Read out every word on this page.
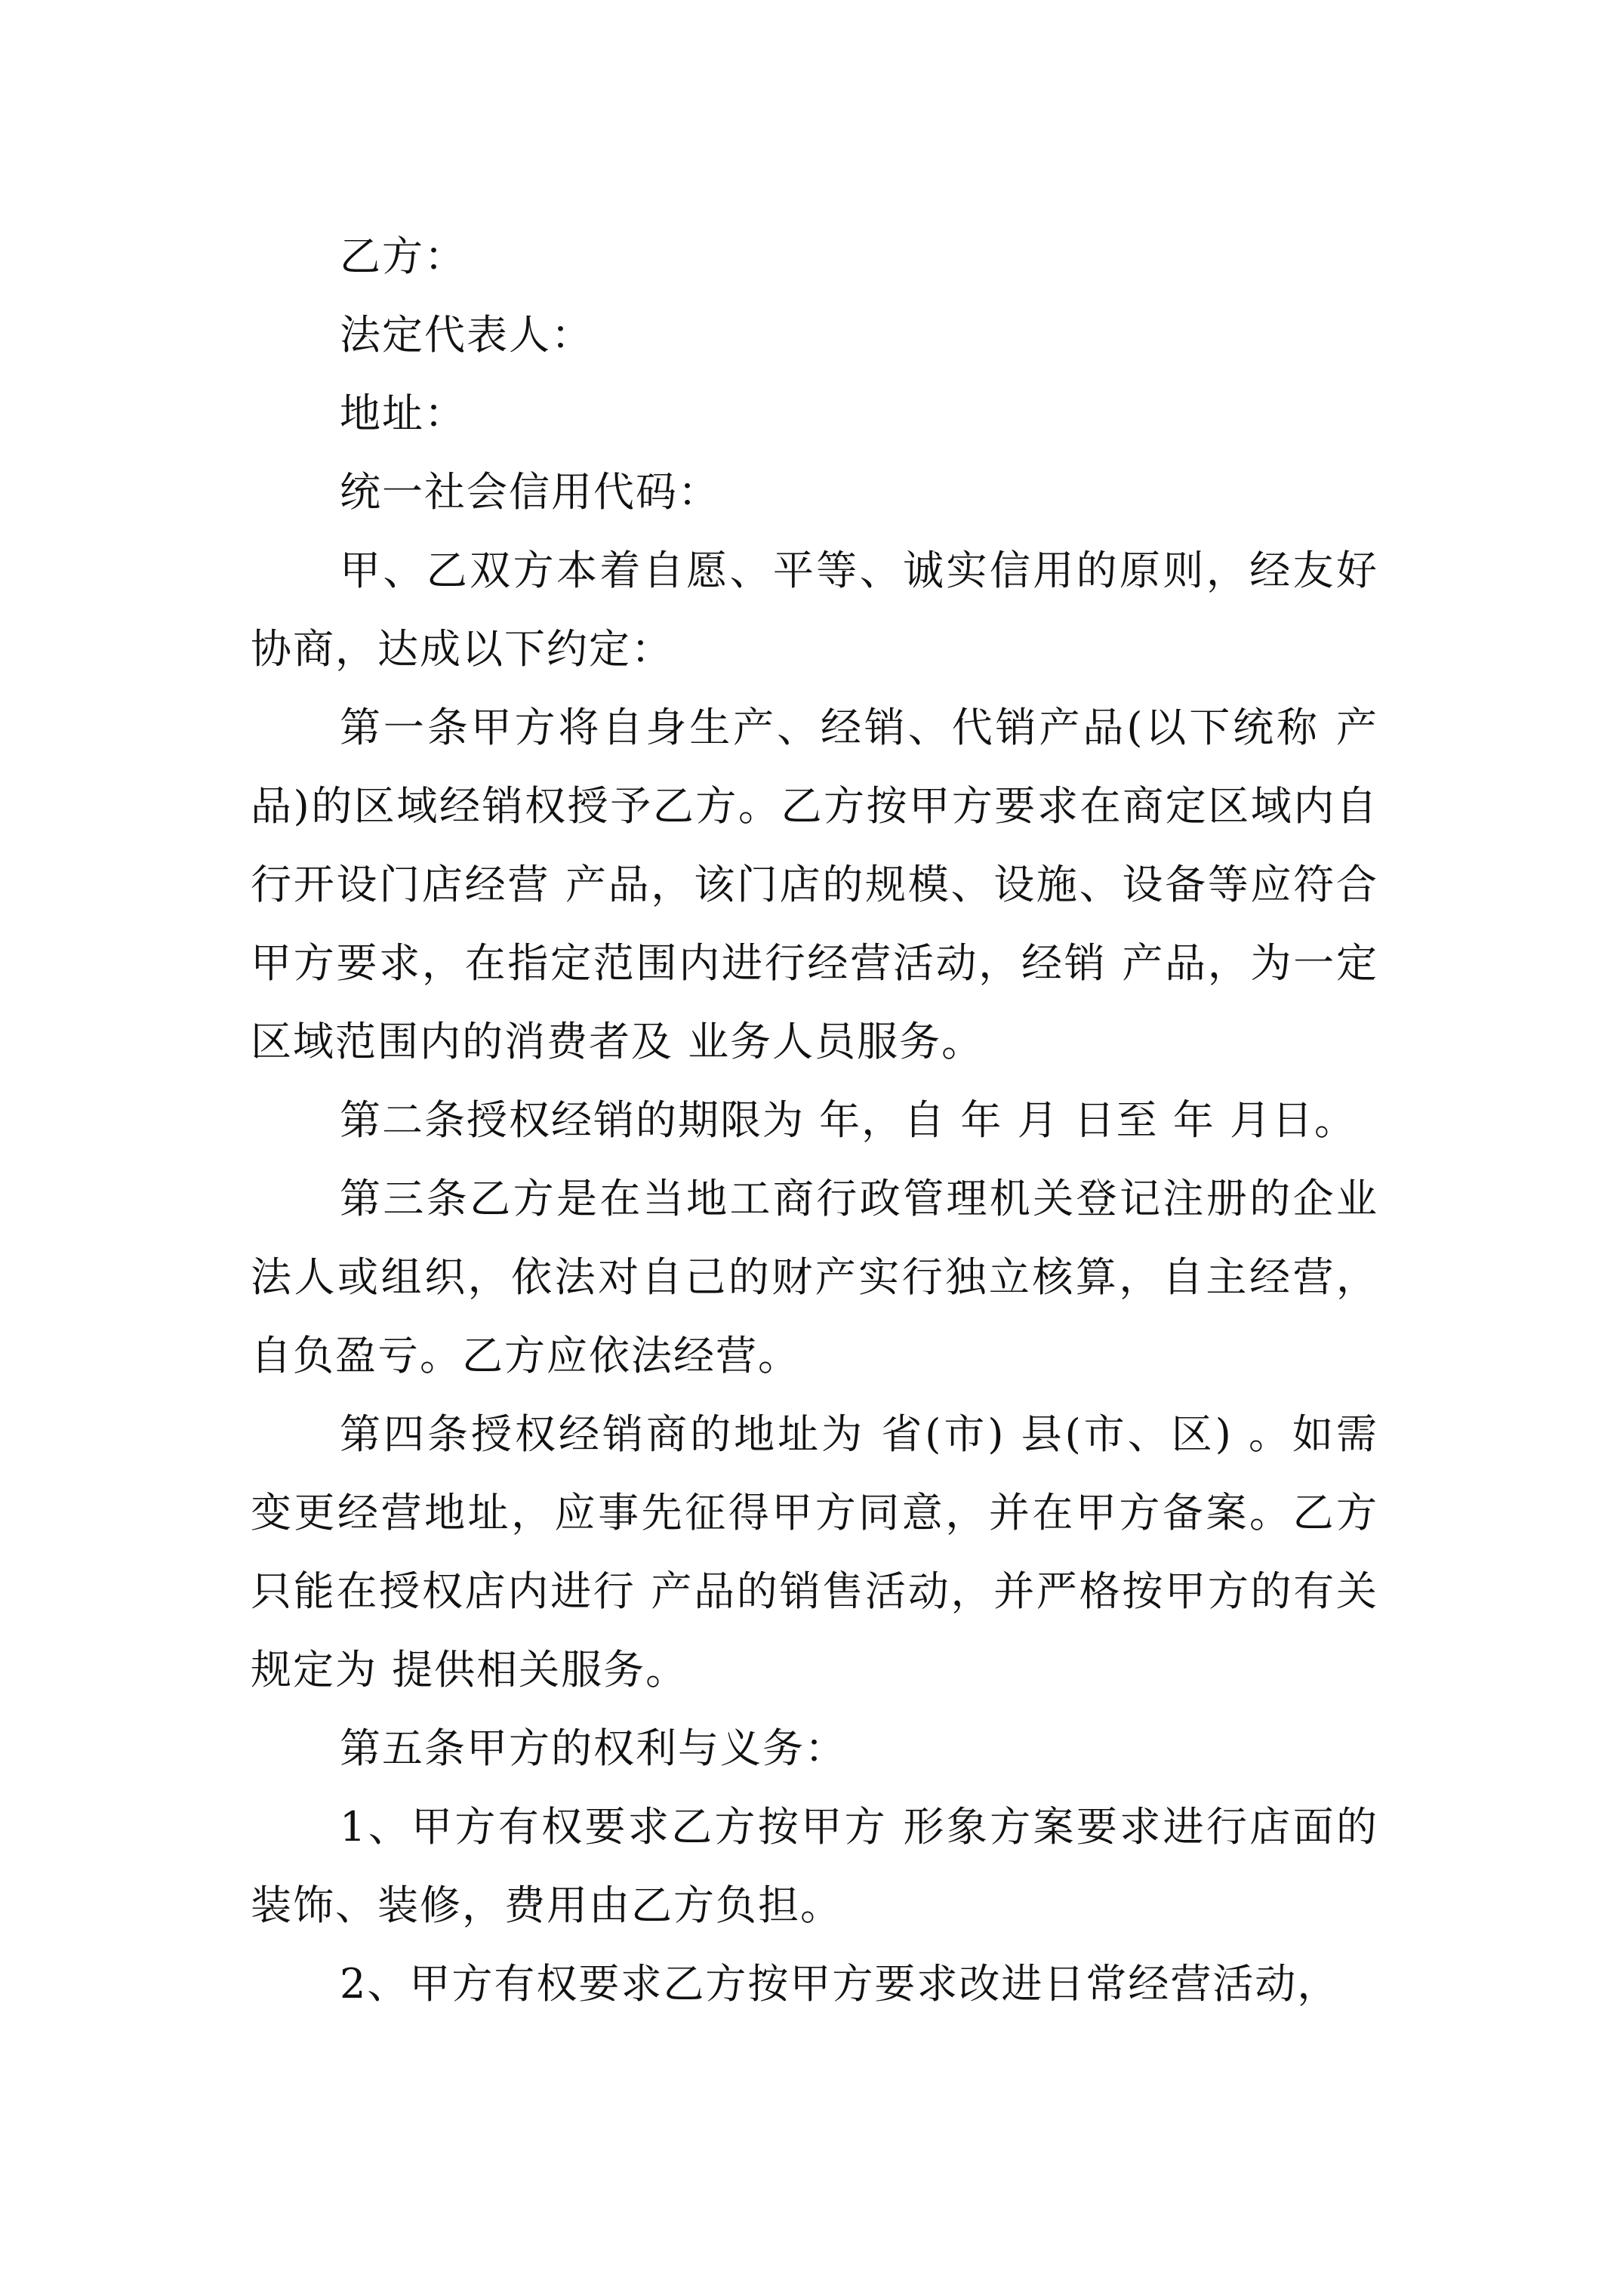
乙方：

法定代表人：

地址：

统一社会信用代码：

甲、乙双方本着自愿、平等、诚实信用的原则，经友好协商，达成以下约定：

第一条甲方将自身生产、经销、代销产品(以下统称 产品)的区域经销权授予乙方。乙方按甲方要求在商定区域内自行开设门店经营 产品，该门店的规模、设施、设备等应符合甲方要求，在指定范围内进行经营活动，经销 产品，为一定区域范围内的消费者及 业务人员服务。

第二条授权经销的期限为 年，自 年 月 日至 年 月日。

第三条乙方是在当地工商行政管理机关登记注册的企业法人或组织，依法对自己的财产实行独立核算，自主经营，自负盈亏。乙方应依法经营。

第四条授权经销商的地址为 省(市) 县(市、区) 。如需变更经营地址，应事先征得甲方同意，并在甲方备案。乙方只能在授权店内进行 产品的销售活动，并严格按甲方的有关规定为 提供相关服务。

第五条甲方的权利与义务：

1、甲方有权要求乙方按甲方 形象方案要求进行店面的装饰、装修，费用由乙方负担。

2、甲方有权要求乙方按甲方要求改进日常经营活动，
